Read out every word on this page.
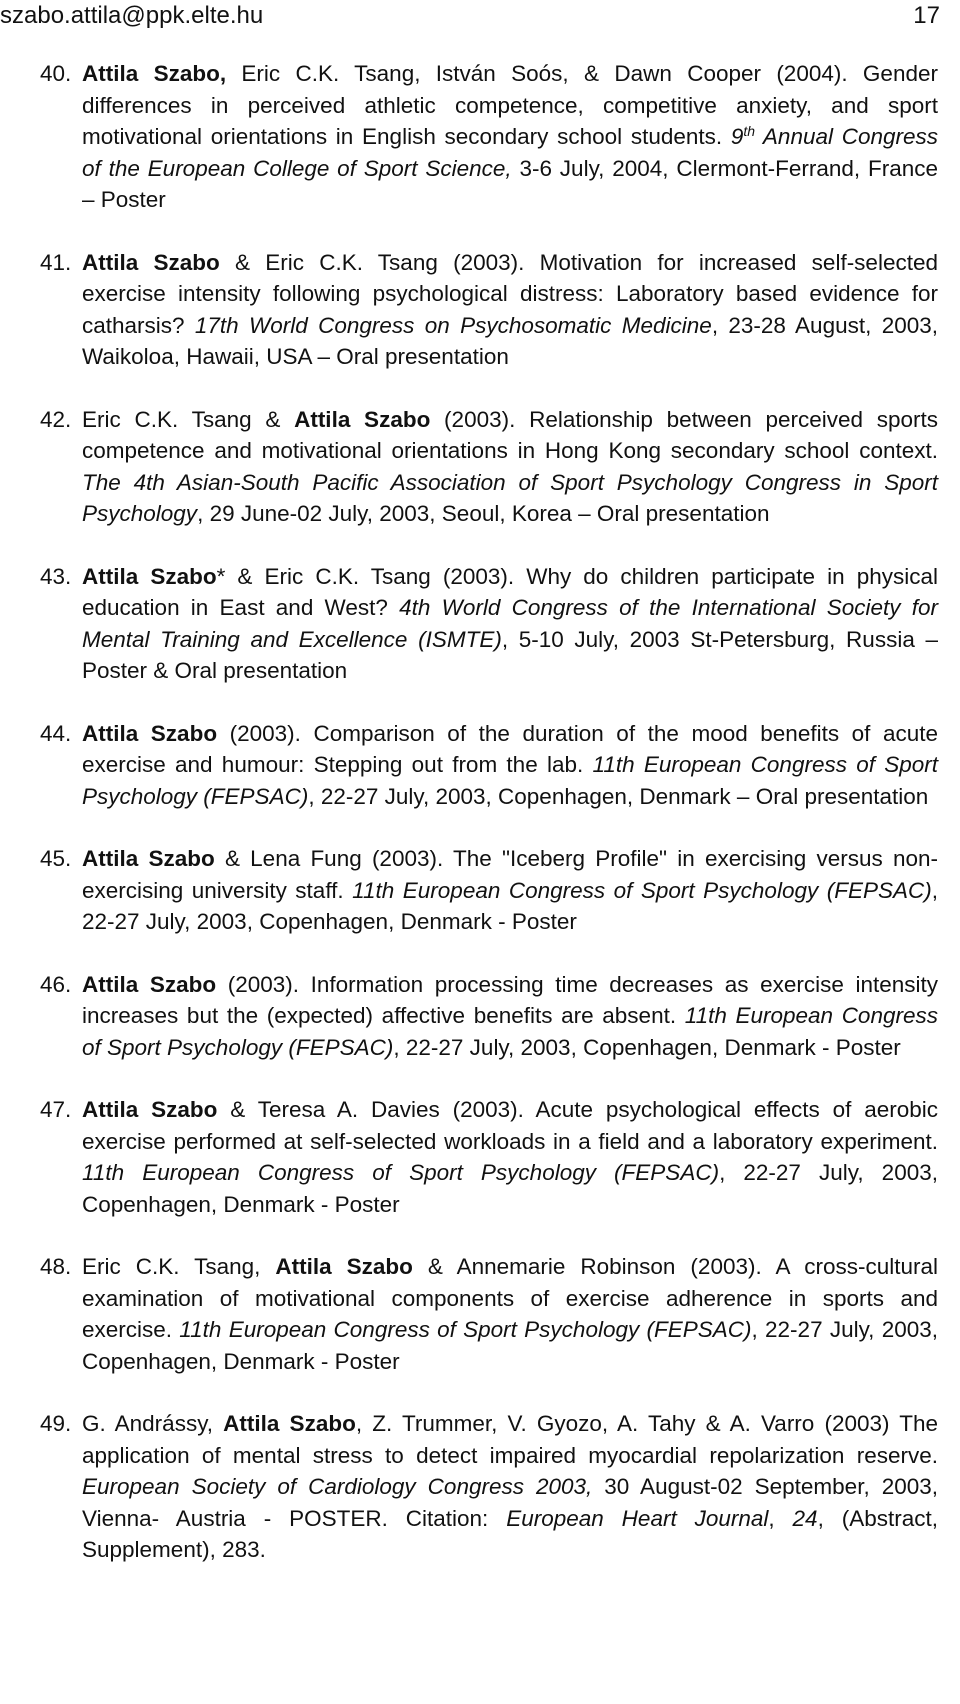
szabo.attila@ppk.elte.hu	17
40. Attila Szabo, Eric C.K. Tsang, István Soós, & Dawn Cooper (2004). Gender differences in perceived athletic competence, competitive anxiety, and sport motivational orientations in English secondary school students. 9th Annual Congress of the European College of Sport Science, 3-6 July, 2004, Clermont-Ferrand, France – Poster
41. Attila Szabo & Eric C.K. Tsang (2003). Motivation for increased self-selected exercise intensity following psychological distress: Laboratory based evidence for catharsis? 17th World Congress on Psychosomatic Medicine, 23-28 August, 2003, Waikoloa, Hawaii, USA – Oral presentation
42. Eric C.K. Tsang & Attila Szabo (2003). Relationship between perceived sports competence and motivational orientations in Hong Kong secondary school context. The 4th Asian-South Pacific Association of Sport Psychology Congress in Sport Psychology, 29 June-02 July, 2003, Seoul, Korea – Oral presentation
43. Attila Szabo* & Eric C.K. Tsang (2003). Why do children participate in physical education in East and West? 4th World Congress of the International Society for Mental Training and Excellence (ISMTE), 5-10 July, 2003 St-Petersburg, Russia – Poster & Oral presentation
44. Attila Szabo (2003). Comparison of the duration of the mood benefits of acute exercise and humour: Stepping out from the lab. 11th European Congress of Sport Psychology (FEPSAC), 22-27 July, 2003, Copenhagen, Denmark – Oral presentation
45. Attila Szabo & Lena Fung (2003). The "Iceberg Profile" in exercising versus non-exercising university staff. 11th European Congress of Sport Psychology (FEPSAC), 22-27 July, 2003, Copenhagen, Denmark - Poster
46. Attila Szabo (2003). Information processing time decreases as exercise intensity increases but the (expected) affective benefits are absent. 11th European Congress of Sport Psychology (FEPSAC), 22-27 July, 2003, Copenhagen, Denmark - Poster
47. Attila Szabo & Teresa A. Davies (2003). Acute psychological effects of aerobic exercise performed at self-selected workloads in a field and a laboratory experiment. 11th European Congress of Sport Psychology (FEPSAC), 22-27 July, 2003, Copenhagen, Denmark - Poster
48. Eric C.K. Tsang, Attila Szabo & Annemarie Robinson (2003). A cross-cultural examination of motivational components of exercise adherence in sports and exercise. 11th European Congress of Sport Psychology (FEPSAC), 22-27 July, 2003, Copenhagen, Denmark - Poster
49. G. Andrássy, Attila Szabo, Z. Trummer, V. Gyozo, A. Tahy & A. Varro (2003) The application of mental stress to detect impaired myocardial repolarization reserve. European Society of Cardiology Congress 2003, 30 August-02 September, 2003, Vienna- Austria - POSTER. Citation: European Heart Journal, 24, (Abstract, Supplement), 283.
